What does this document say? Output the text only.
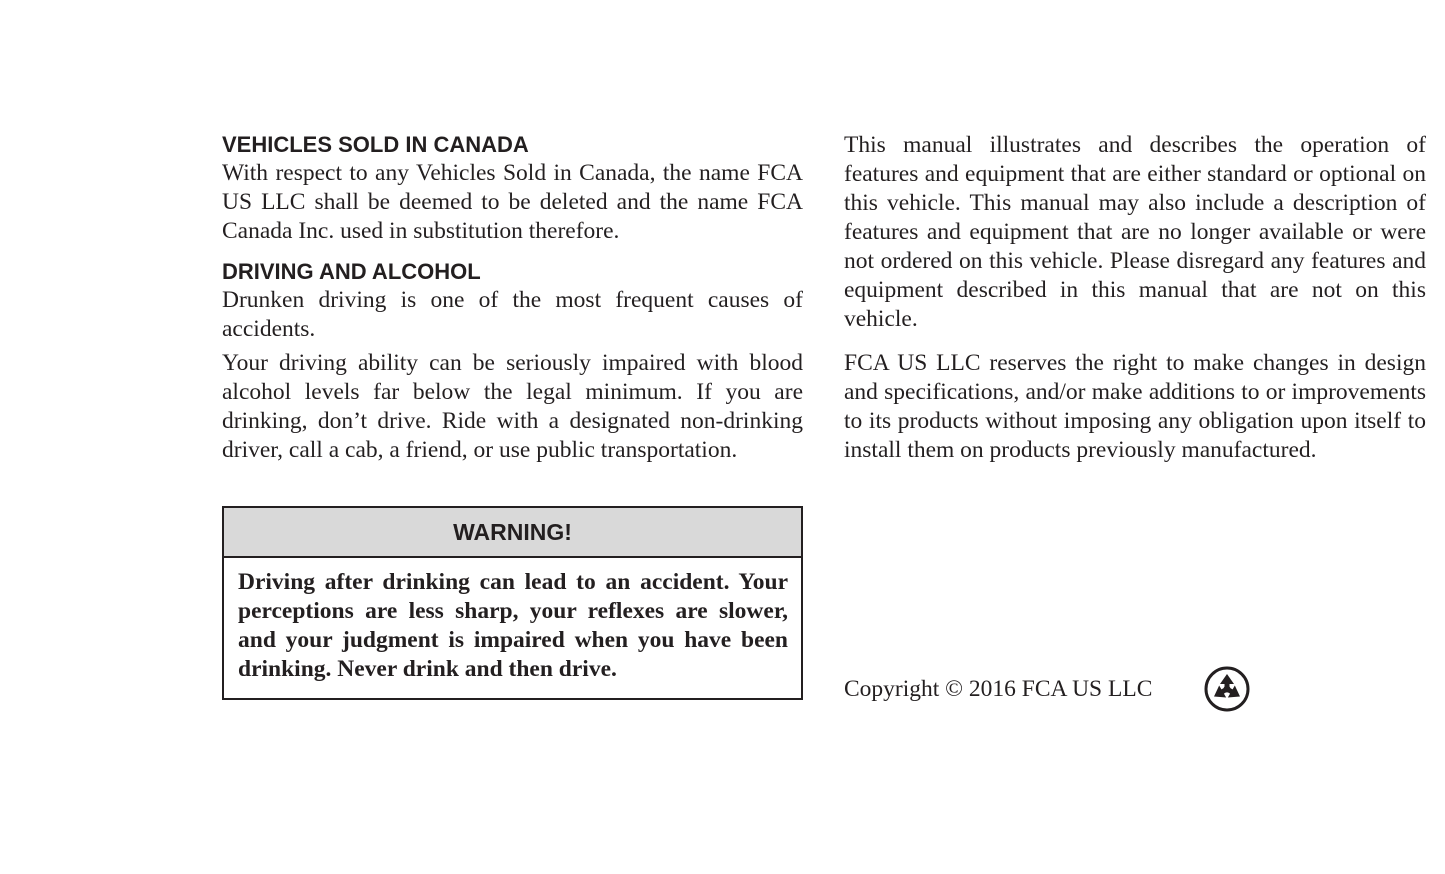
VEHICLES SOLD IN CANADA

With respect to any Vehicles Sold in Canada, the name FCA US LLC shall be deemed to be deleted and the name FCA Canada Inc. used in substitution therefore.

DRIVING AND ALCOHOL

Drunken driving is one of the most frequent causes of accidents.

Your driving ability can be seriously impaired with blood alcohol levels far below the legal minimum. If you are drinking, don’t drive. Ride with a designated non-drinking driver, call a cab, a friend, or use public transportation.

WARNING!
Driving after drinking can lead to an accident. Your perceptions are less sharp, your reflexes are slower, and your judgment is impaired when you have been drinking. Never drink and then drive.

This manual illustrates and describes the operation of features and equipment that are either standard or optional on this vehicle. This manual may also include a description of features and equipment that are no longer available or were not ordered on this vehicle. Please disregard any features and equipment described in this manual that are not on this vehicle.

FCA US LLC reserves the right to make changes in design and specifications, and/or make additions to or improvements to its products without imposing any obligation upon itself to install them on products previously manufactured.

Copyright © 2016 FCA US LLC
